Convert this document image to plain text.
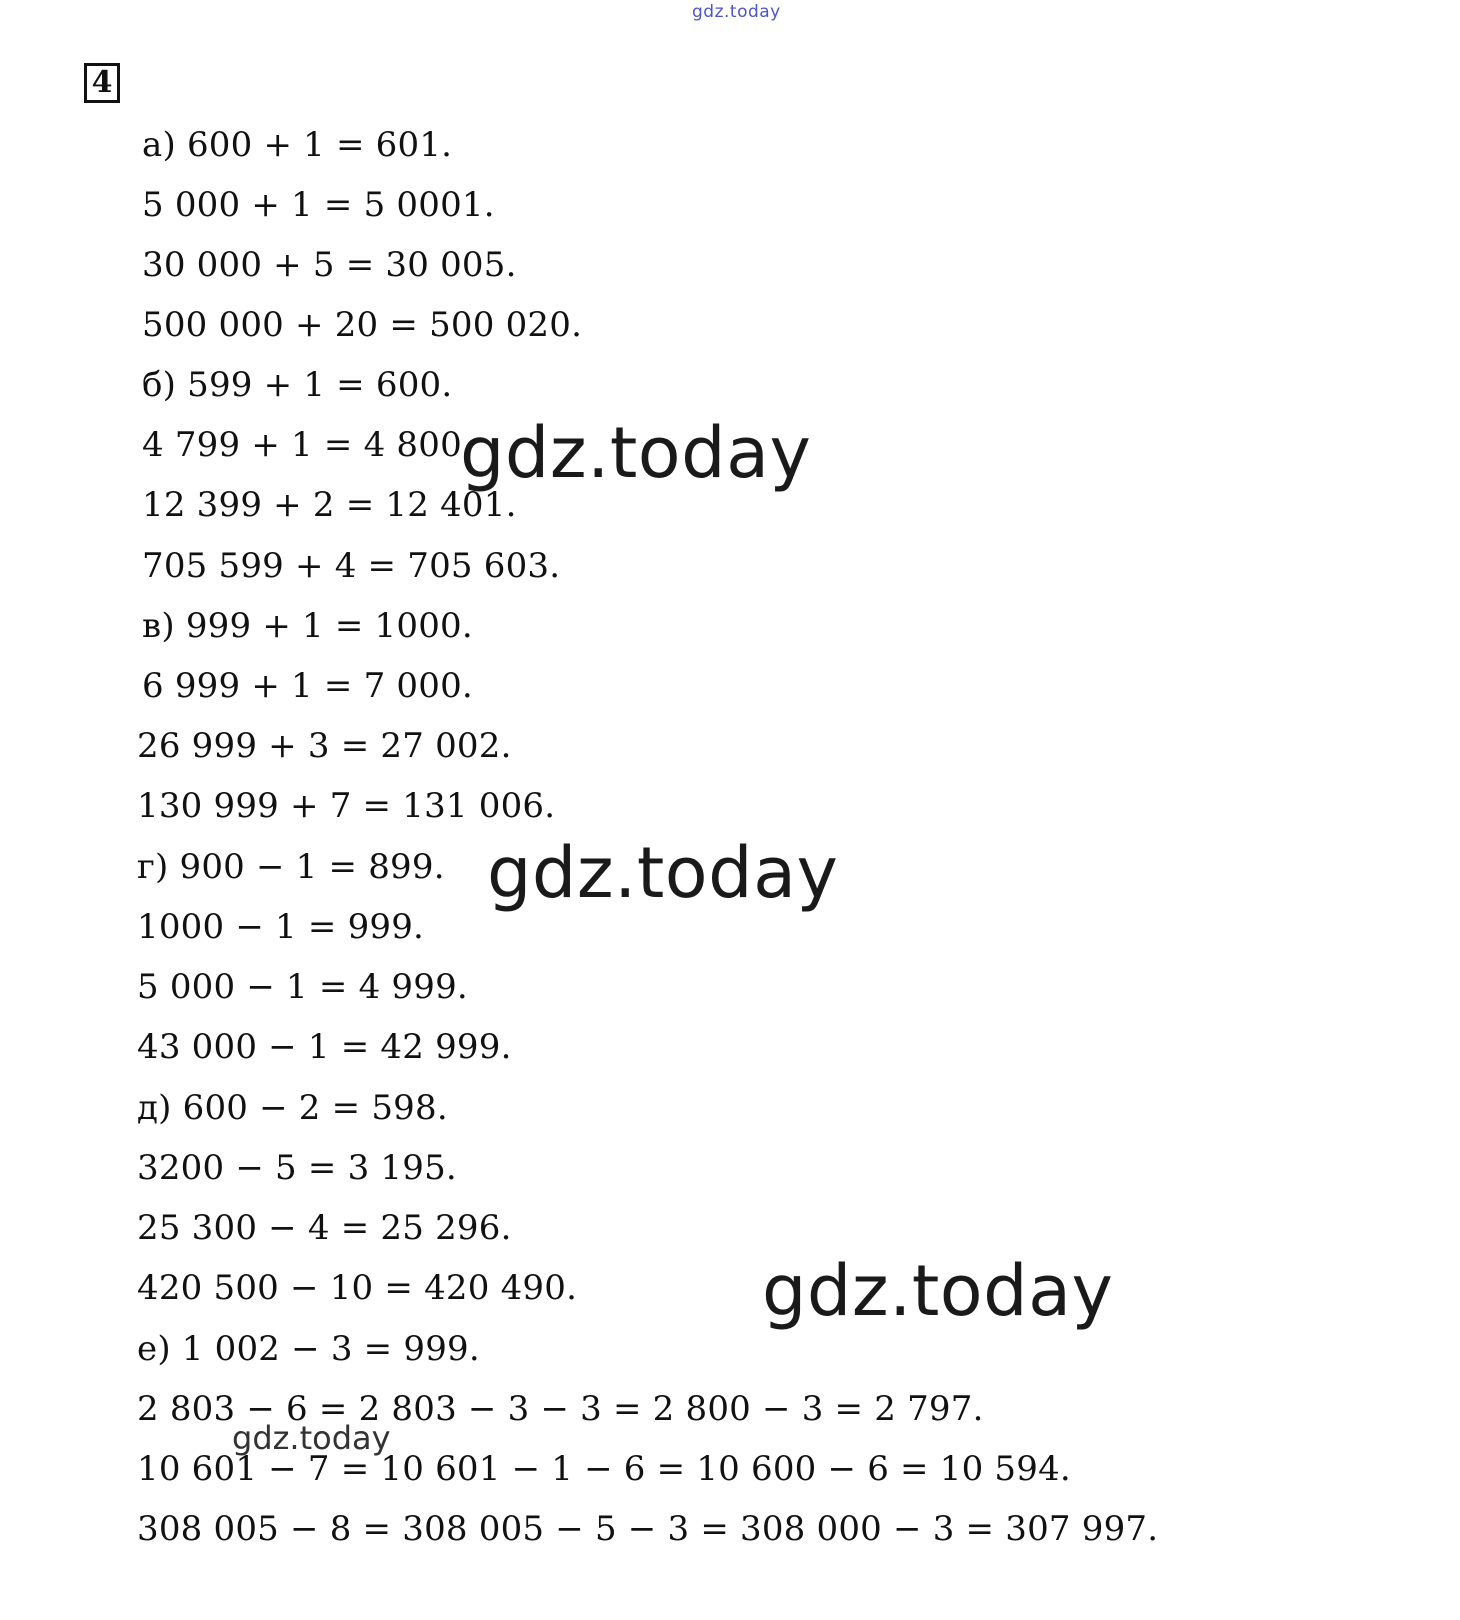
gdz.today
4
а) 600 + 1 = 601.
5 000 + 1 = 5 0001.
30 000 + 5 = 30 005.
500 000 + 20 = 500 020.
б) 599 + 1 = 600.
4 799 + 1 = 4 800.
12 399 + 2 = 12 401.
705 599 + 4 = 705 603.
в) 999 + 1 = 1000.
6 999 + 1 = 7 000.
26 999 + 3 = 27 002.
130 999 + 7 = 131 006.
г) 900 − 1 = 899.
1000 − 1 = 999.
5 000 − 1 = 4 999.
43 000 − 1 = 42 999.
д) 600 − 2 = 598.
3200 − 5 = 3 195.
25 300 − 4 = 25 296.
420 500 − 10 = 420 490.
е) 1 002 − 3 = 999.
2 803 − 6 = 2 803 − 3 − 3 = 2 800 − 3 = 2 797.
10 601 − 7 = 10 601 − 1 − 6 = 10 600 − 6 = 10 594.
308 005 − 8 = 308 005 − 5 − 3 = 308 000 − 3 = 307 997.
gdz.today
gdz.today
gdz.today
gdz.today
